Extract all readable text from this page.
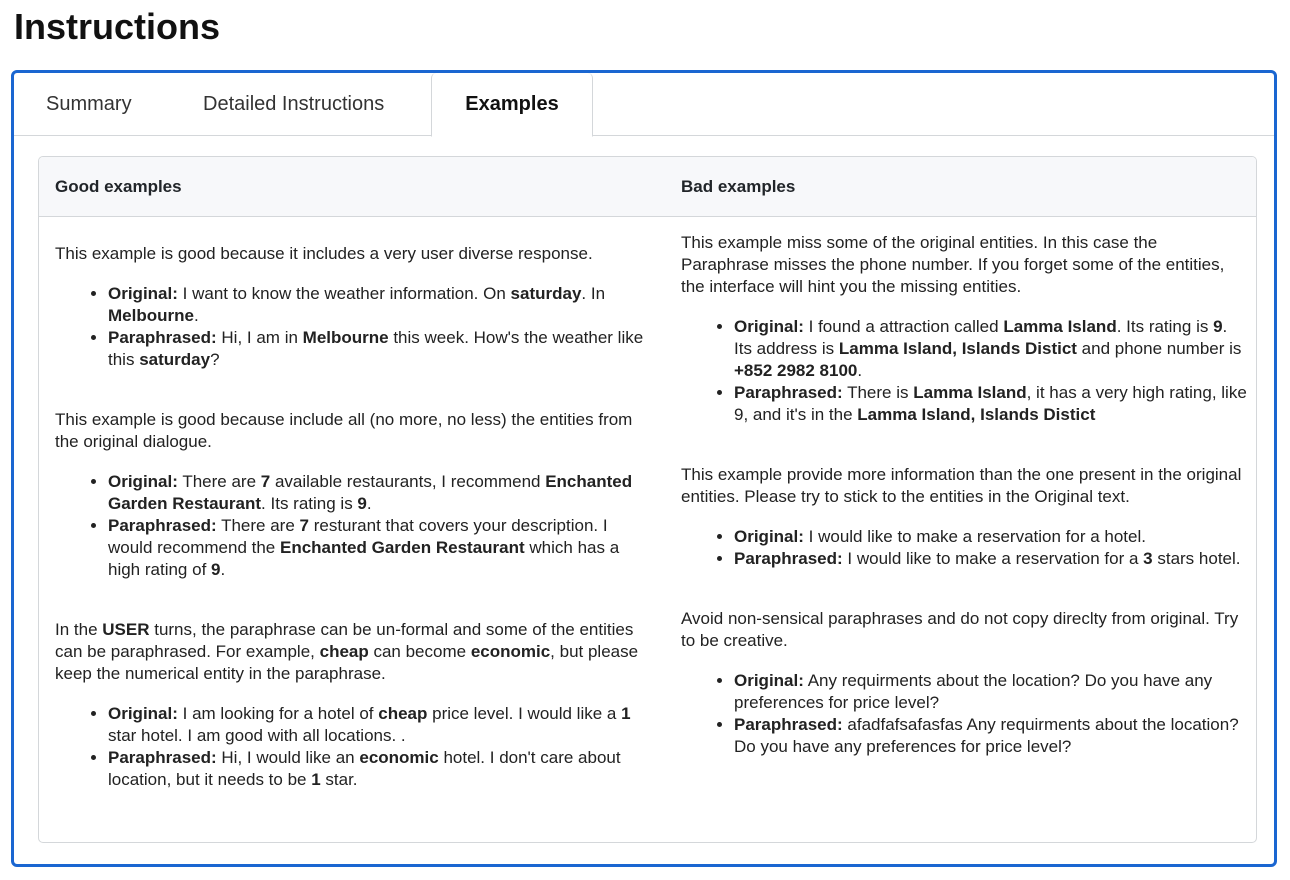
Instructions
Summary	Detailed Instructions	Examples
Good examples	Bad examples

This example is good because it includes a very user diverse response.

• Original: I want to know the weather information. On saturday. In Melbourne.
• Paraphrased: Hi, I am in Melbourne this week. How's the weather like this saturday?

This example is good because include all (no more, no less) the entities from the original dialogue.

• Original: There are 7 available restaurants, I recommend Enchanted Garden Restaurant. Its rating is 9.
• Paraphrased: There are 7 resturant that covers your description. I would recommend the Enchanted Garden Restaurant which has a high rating of 9.

In the USER turns, the paraphrase can be un-formal and some of the entities can be paraphrased. For example, cheap can become economic, but please keep the numerical entity in the paraphrase.

• Original: I am looking for a hotel of cheap price level. I would like a 1 star hotel. I am good with all locations. .
• Paraphrased: Hi, I would like an economic hotel. I don't care about location, but it needs to be 1 star.

This example miss some of the original entities. In this case the Paraphrase misses the phone number. If you forget some of the entities, the interface will hint you the missing entities.

• Original: I found a attraction called Lamma Island. Its rating is 9. Its address is Lamma Island, Islands Distict and phone number is +852 2982 8100.
• Paraphrased: There is Lamma Island, it has a very high rating, like 9, and it's in the Lamma Island, Islands Distict

This example provide more information than the one present in the original entities. Please try to stick to the entities in the Original text.

• Original: I would like to make a reservation for a hotel.
• Paraphrased: I would like to make a reservation for a 3 stars hotel.

Avoid non-sensical paraphrases and do not copy direclty from original. Try to be creative.

• Original: Any requirments about the location? Do you have any preferences for price level?
• Paraphrased: afadfafsafasfas Any requirments about the location? Do you have any preferences for price level?
